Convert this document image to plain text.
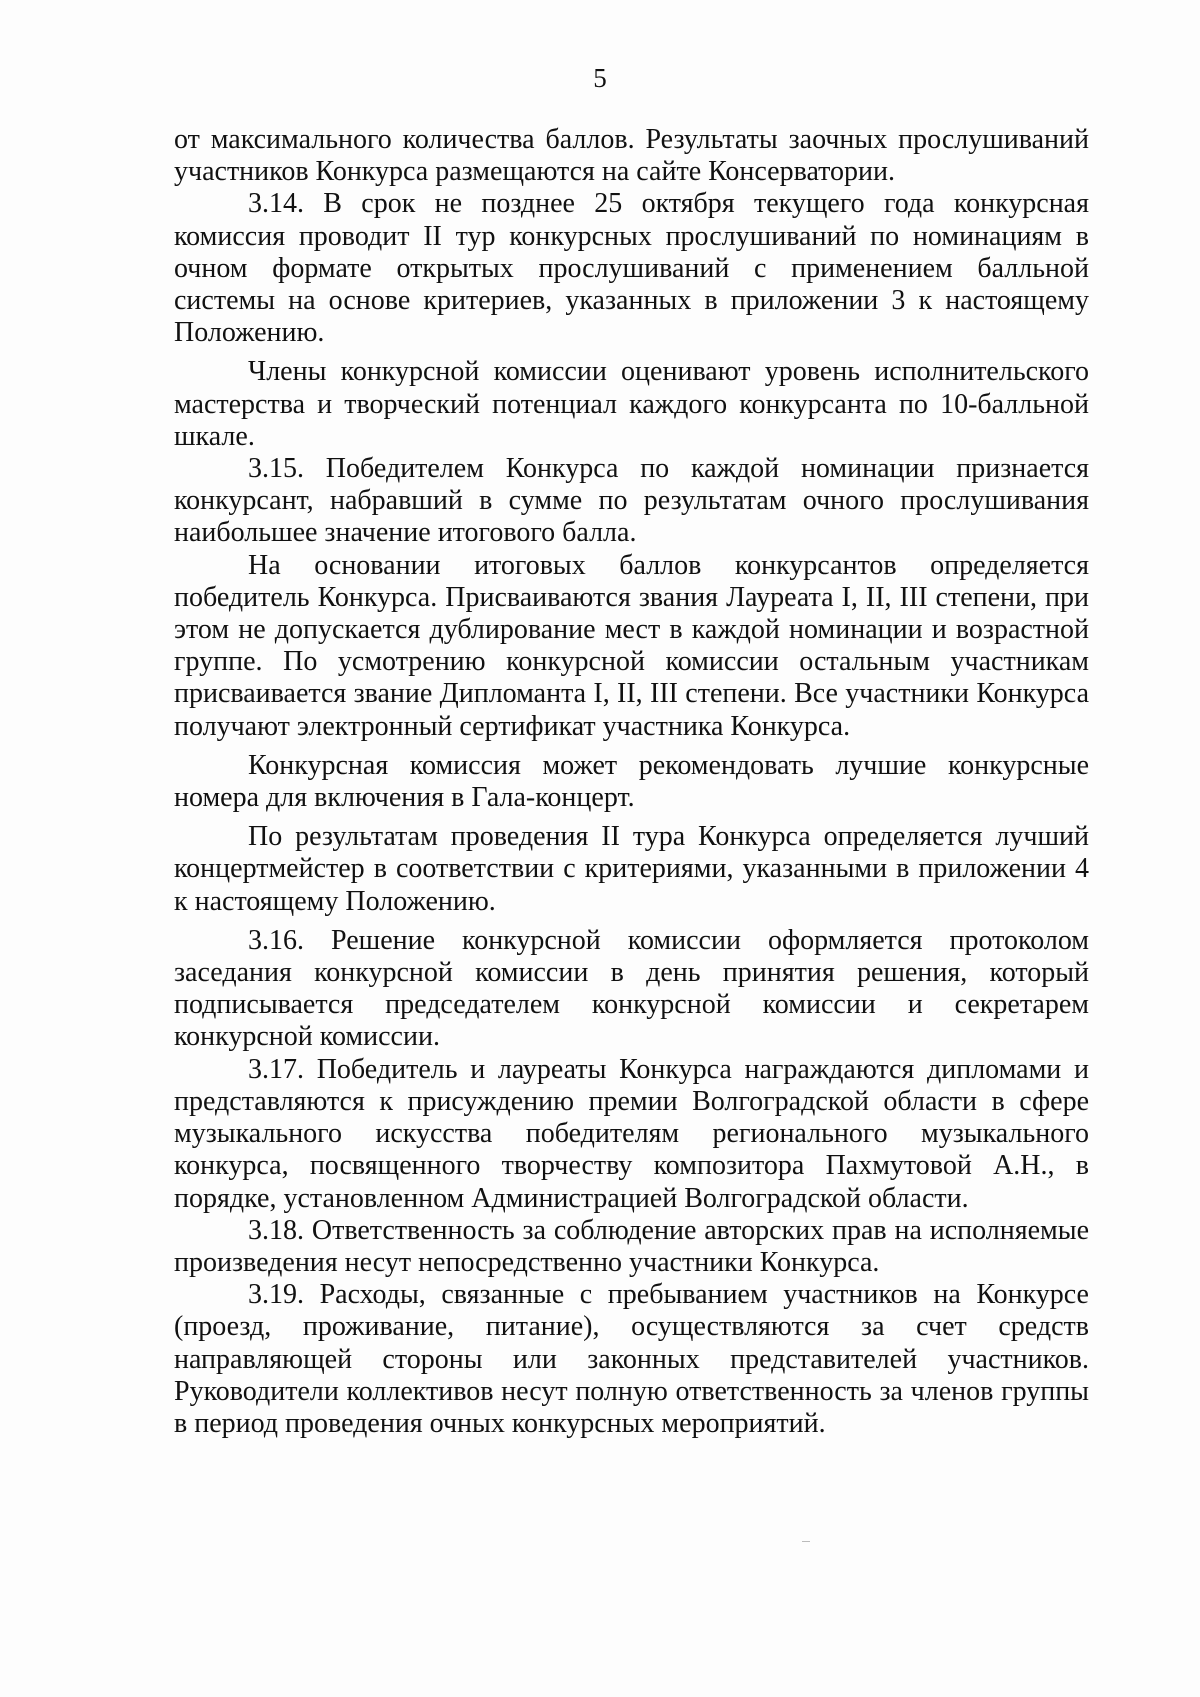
5

от максимального количества баллов. Результаты заочных прослушиваний участников Конкурса размещаются на сайте Консерватории.

3.14. В срок не позднее 25 октября текущего года конкурсная комиссия проводит II тур конкурсных прослушиваний по номинациям в очном формате открытых прослушиваний с применением балльной системы на основе критериев, указанных в приложении 3 к настоящему Положению.

Члены конкурсной комиссии оценивают уровень исполнительского мастерства и творческий потенциал каждого конкурсанта по 10-балльной шкале.

3.15. Победителем Конкурса по каждой номинации признается конкурсант, набравший в сумме по результатам очного прослушивания наибольшее значение итогового балла.

На основании итоговых баллов конкурсантов определяется победитель Конкурса. Присваиваются звания Лауреата I, II, III степени, при этом не допускается дублирование мест в каждой номинации и возрастной группе. По усмотрению конкурсной комиссии остальным участникам присваивается звание Дипломанта I, II, III степени. Все участники Конкурса получают электронный сертификат участника Конкурса.

Конкурсная комиссия может рекомендовать лучшие конкурсные номера для включения в Гала-концерт.

По результатам проведения II тура Конкурса определяется лучший концертмейстер в соответствии с критериями, указанными в приложении 4 к настоящему Положению.

3.16. Решение конкурсной комиссии оформляется протоколом заседания конкурсной комиссии в день принятия решения, который подписывается председателем конкурсной комиссии и секретарем конкурсной комиссии.

3.17. Победитель и лауреаты Конкурса награждаются дипломами и представляются к присуждению премии Волгоградской области в сфере музыкального искусства победителям регионального музыкального конкурса, посвященного творчеству композитора Пахмутовой А.Н., в порядке, установленном Администрацией Волгоградской области.

3.18. Ответственность за соблюдение авторских прав на исполняемые произведения несут непосредственно участники Конкурса.

3.19. Расходы, связанные с пребыванием участников на Конкурсе (проезд, проживание, питание), осуществляются за счет средств направляющей стороны или законных представителей участников. Руководители коллективов несут полную ответственность за членов группы в период проведения очных конкурсных мероприятий.
